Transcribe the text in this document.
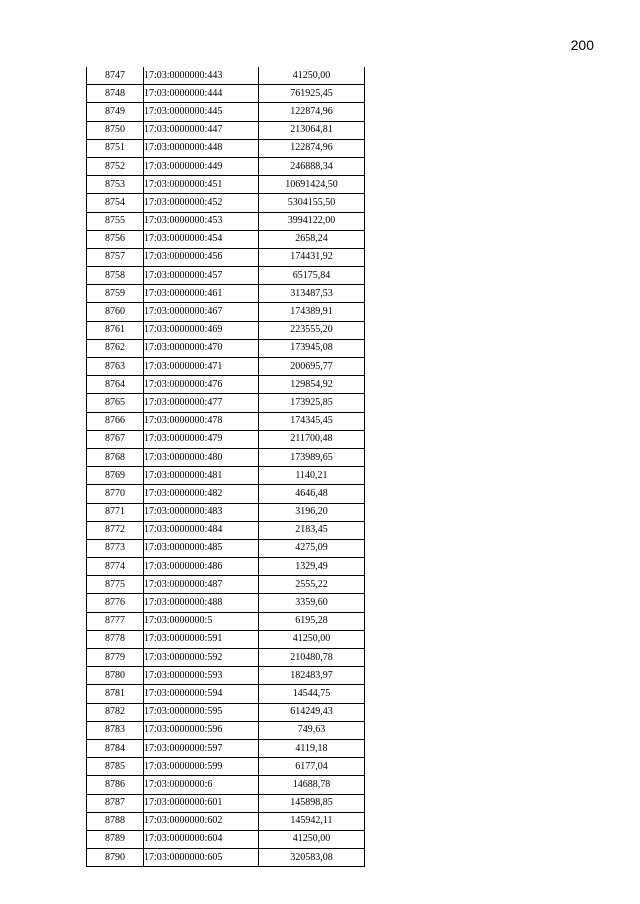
200
8747	17:03:0000000:443	41250,00
8748	17:03:0000000:444	761925,45
8749	17:03:0000000:445	122874,96
8750	17:03:0000000:447	213064,81
8751	17:03:0000000:448	122874,96
8752	17:03:0000000:449	246888,34
8753	17:03:0000000:451	10691424,50
8754	17:03:0000000:452	5304155,50
8755	17:03:0000000:453	3994122,00
8756	17:03:0000000:454	2658,24
8757	17:03:0000000:456	174431,92
8758	17:03:0000000:457	65175,84
8759	17:03:0000000:461	313487,53
8760	17:03:0000000:467	174389,91
8761	17:03:0000000:469	223555,20
8762	17:03:0000000:470	173945,08
8763	17:03:0000000:471	200695,77
8764	17:03:0000000:476	129854,92
8765	17:03:0000000:477	173925,85
8766	17:03:0000000:478	174345,45
8767	17:03:0000000:479	211700,48
8768	17:03:0000000:480	173989,65
8769	17:03:0000000:481	1140,21
8770	17:03:0000000:482	4646,48
8771	17:03:0000000:483	3196,20
8772	17:03:0000000:484	2183,45
8773	17:03:0000000:485	4275,09
8774	17:03:0000000:486	1329,49
8775	17:03:0000000:487	2555,22
8776	17:03:0000000:488	3359,60
8777	17:03:0000000:5	6195,28
8778	17:03:0000000:591	41250,00
8779	17:03:0000000:592	210480,78
8780	17:03:0000000:593	182483,97
8781	17:03:0000000:594	14544,75
8782	17:03:0000000:595	614249,43
8783	17:03:0000000:596	749,63
8784	17:03:0000000:597	4119,18
8785	17:03:0000000:599	6177,04
8786	17:03:0000000:6	14688,78
8787	17:03:0000000:601	145898,85
8788	17:03:0000000:602	145942,11
8789	17:03:0000000:604	41250,00
8790	17:03:0000000:605	320583,08
